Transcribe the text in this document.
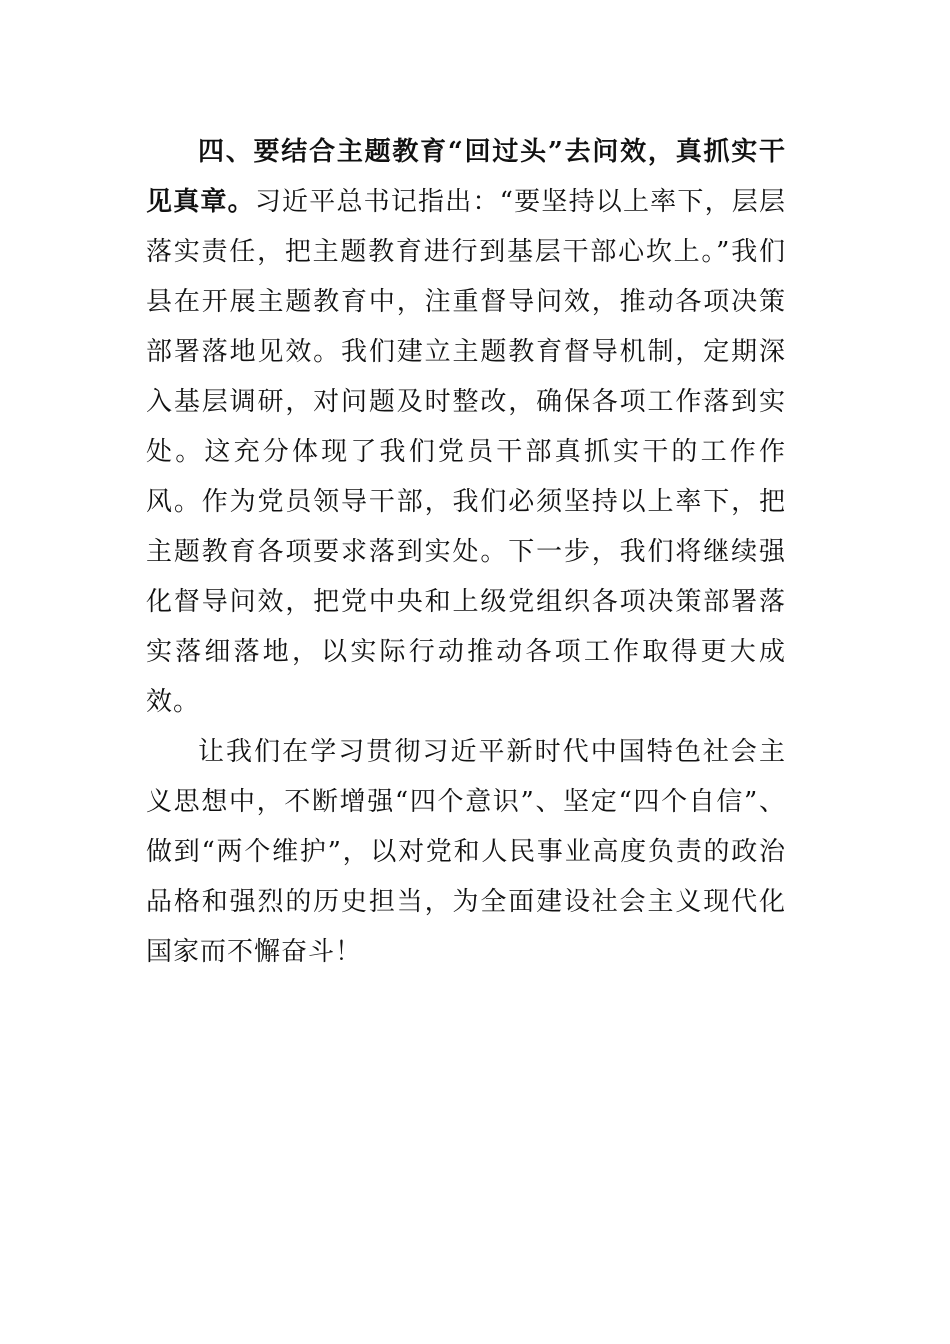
四、要结合主题教育“回过头”去问效，真抓实干见真章。习近平总书记指出：“要坚持以上率下，层层落实责任，把主题教育进行到基层干部心坎上。”我们县在开展主题教育中，注重督导问效，推动各项决策部署落地见效。我们建立主题教育督导机制，定期深入基层调研，对问题及时整改，确保各项工作落到实处。这充分体现了我们党员干部真抓实干的工作作风。作为党员领导干部，我们必须坚持以上率下，把主题教育各项要求落到实处。下一步，我们将继续强化督导问效，把党中央和上级党组织各项决策部署落实落细落地，以实际行动推动各项工作取得更大成效。

让我们在学习贯彻习近平新时代中国特色社会主义思想中，不断增强“四个意识”、坚定“四个自信”、做到“两个维护”，以对党和人民事业高度负责的政治品格和强烈的历史担当，为全面建设社会主义现代化国家而不懈奋斗！
